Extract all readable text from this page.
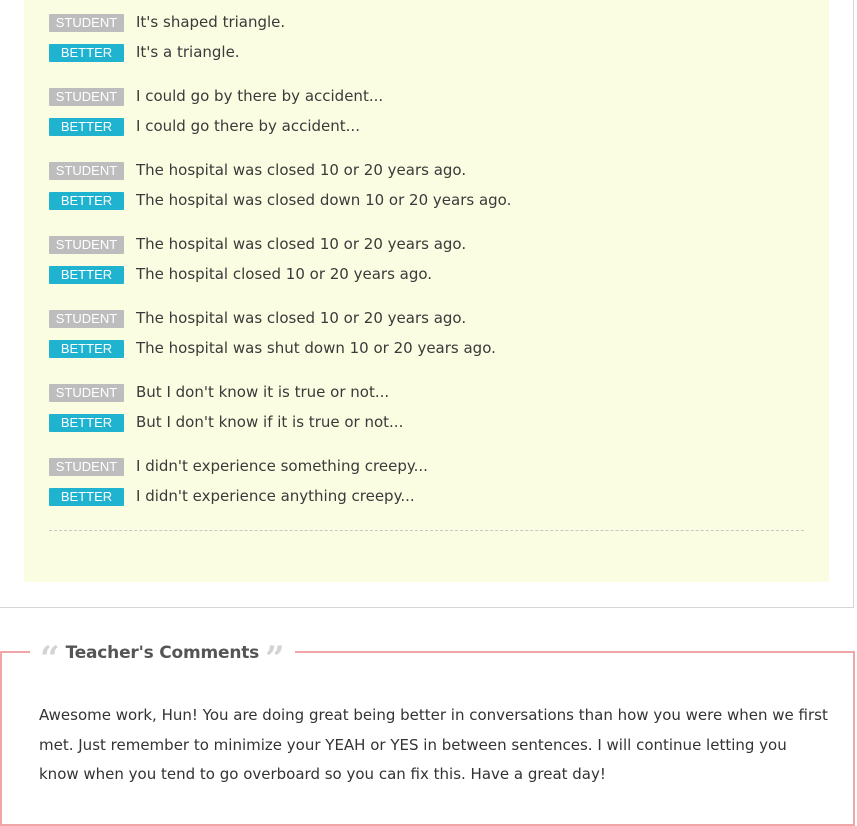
STUDENT	It's shaped triangle.
BETTER	It's a triangle.
STUDENT	I could go by there by accident...
BETTER	I could go there by accident...
STUDENT	The hospital was closed 10 or 20 years ago.
BETTER	The hospital was closed down 10 or 20 years ago.
STUDENT	The hospital was closed 10 or 20 years ago.
BETTER	The hospital closed 10 or 20 years ago.
STUDENT	The hospital was closed 10 or 20 years ago.
BETTER	The hospital was shut down 10 or 20 years ago.
STUDENT	But I don't know it is true or not...
BETTER	But I don't know if it is true or not...
STUDENT	I didn't experience something creepy...
BETTER	I didn't experience anything creepy...
“ Teacher's Comments ”
Awesome work, Hun! You are doing great being better in conversations than how you were when we first met. Just remember to minimize your YEAH or YES in between sentences. I will continue letting you know when you tend to go overboard so you can fix this. Have a great day!
